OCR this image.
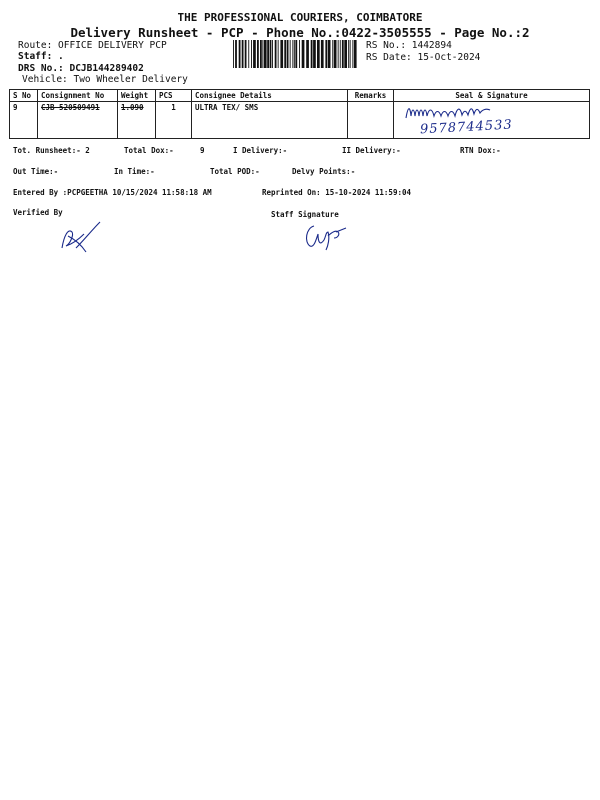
THE PROFESSIONAL COURIERS, COIMBATORE
Delivery Runsheet - PCP - Phone No.:0422-3505555 - Page No.:2
Route: OFFICE DELIVERY PCP
Staff: .
DRS No.: DCJB144289402
Vehicle: Two Wheeler Delivery
RS No.: 1442894
RS Date: 15-Oct-2024
S No	Consignment No	Weight	PCS	Consignee Details	Remarks	Seal & Signature
9	CJB 520509491	1.090	1	ULTRA TEX/ SMS		9578744533
Tot. Runsheet:- 2	Total Dox:-	9	I Delivery:-	II Delivery:-	RTN Dox:-
Out Time:-	In Time:-	Total POD:-	Delvy Points:-
Entered By :PCPGEETHA 10/15/2024 11:58:18 AM	Reprinted On: 15-10-2024 11:59:04
Verified By	Staff Signature
